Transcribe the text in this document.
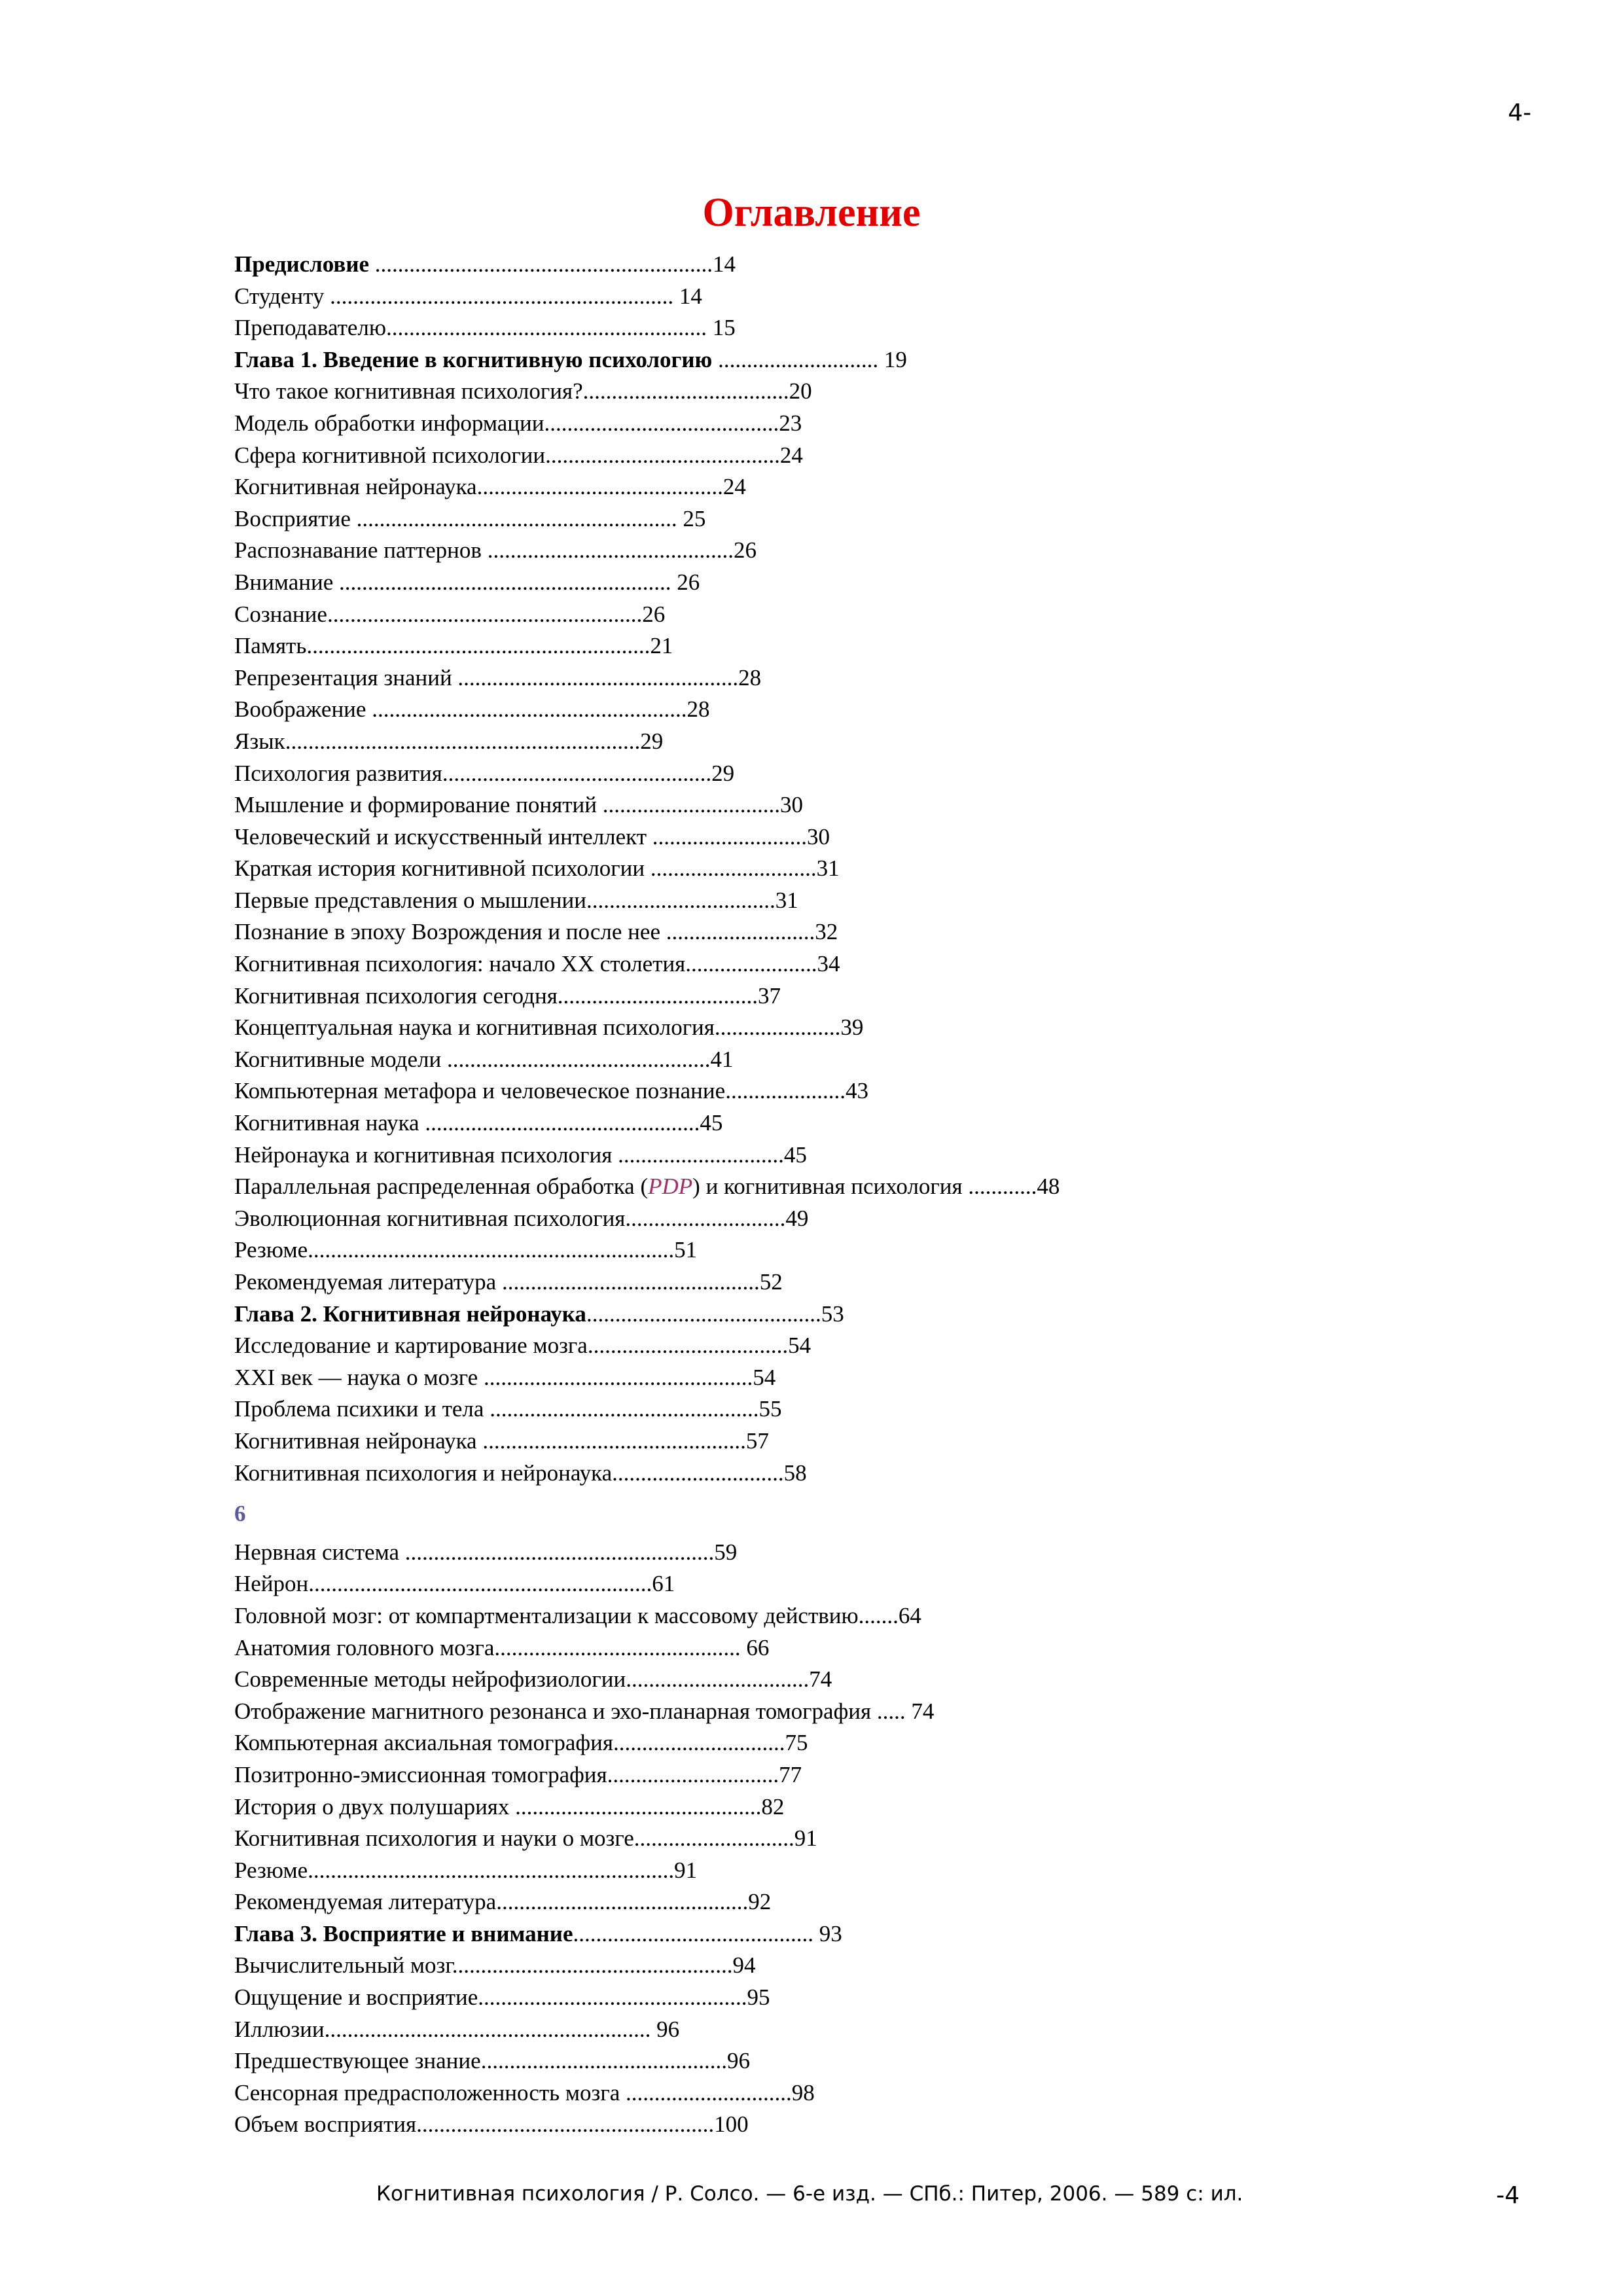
4-
Оглавление
Предисловие ...........................................................14
Студенту ............................................................ 14
Преподавателю........................................................ 15
Глава 1. Введение в когнитивную психологию ............................ 19
Что такое когнитивная психология?....................................20
Модель обработки информации.........................................23
Сфера когнитивной психологии.........................................24
Когнитивная нейронаука...........................................24
Восприятие ........................................................ 25
Распознавание паттернов ...........................................26
Внимание .......................................................... 26
Сознание.......................................................26
Память............................................................21
Репрезентация знаний .................................................28
Воображение .......................................................28
Язык..............................................................29
Психология развития...............................................29
Мышление и формирование понятий ...............................30
Человеческий и искусственный интеллект ...........................30
Краткая история когнитивной психологии .............................31
Первые представления о мышлении.................................31
Познание в эпоху Возрождения и после нее ..........................32
Когнитивная психология: начало XX столетия.......................34
Когнитивная психология сегодня...................................37
Концептуальная наука и когнитивная психология......................39
Когнитивные модели ..............................................41
Компьютерная метафора и человеческое познание.....................43
Когнитивная наука ................................................45
Нейронаука и когнитивная психология .............................45
Параллельная распределенная обработка (PDP) и когнитивная психология ............48
Эволюционная когнитивная психология............................49
Резюме................................................................51
Рекомендуемая литература .............................................52
Глава 2. Когнитивная нейронаука.........................................53
Исследование и картирование мозга...................................54
XXI век — наука о мозге ...............................................54
Проблема психики и тела ...............................................55
Когнитивная нейронаука ..............................................57
Когнитивная психология и нейронаука..............................58
6
Нервная система ......................................................59
Нейрон............................................................61
Головной мозг: от компартментализации к массовому действию.......64
Анатомия головного мозга........................................... 66
Современные методы нейрофизиологии................................74
Отображение магнитного резонанса и эхо-планарная томография ..... 74
Компьютерная аксиальная томография..............................75
Позитронно-эмиссионная томография..............................77
История о двух полушариях ...........................................82
Когнитивная психология и науки о мозге............................91
Резюме................................................................91
Рекомендуемая литература............................................92
Глава 3. Восприятие и внимание.......................................... 93
Вычислительный мозг.................................................94
Ощущение и восприятие...............................................95
Иллюзии......................................................... 96
Предшествующее знание...........................................96
Сенсорная предрасположенность мозга .............................98
Объем восприятия....................................................100
Когнитивная психология / Р. Солсо. — 6-е изд. — СПб.: Питер, 2006. — 589 с: ил.	-4
